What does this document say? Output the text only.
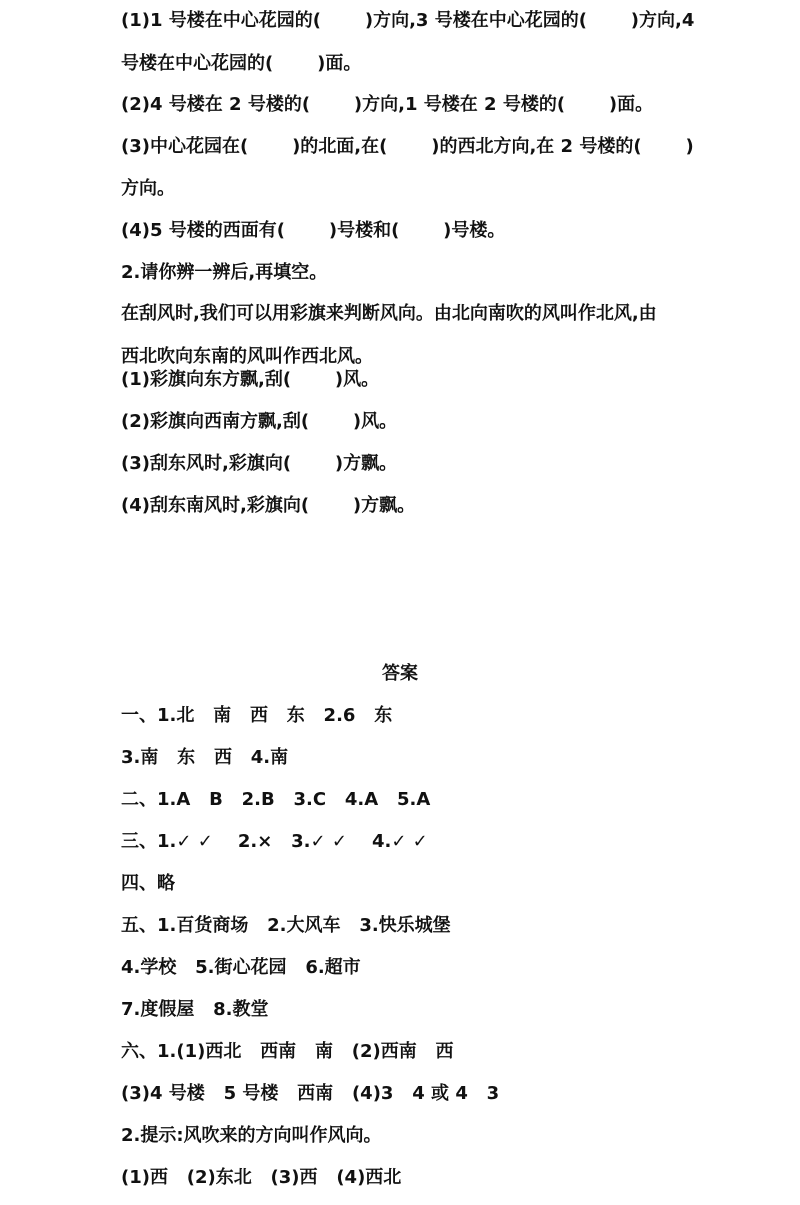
(1)1 号楼在中心花园的(       )方向,3 号楼在中心花园的(       )方向,4
号楼在中心花园的(       )面。
(2)4 号楼在 2 号楼的(       )方向,1 号楼在 2 号楼的(       )面。
(3)中心花园在(       )的北面,在(       )的西北方向,在 2 号楼的(       )
方向。
(4)5 号楼的西面有(       )号楼和(       )号楼。
2.请你辨一辨后,再填空。
在刮风时,我们可以用彩旗来判断风向。由北向南吹的风叫作北风,由
西北吹向东南的风叫作西北风。
(1)彩旗向东方飘,刮(       )风。
(2)彩旗向西南方飘,刮(       )风。
(3)刮东风时,彩旗向(       )方飘。
(4)刮东南风时,彩旗向(       )方飘。
答案
一、1.北   南   西   东   2.6   东
3.南   东   西   4.南
二、1.A   B   2.B   3.C   4.A   5.A
三、1.✓ ✓    2.×   3.✓ ✓    4.✓ ✓
四、略
五、1.百货商场   2.大风车   3.快乐城堡
4.学校   5.街心花园   6.超市
7.度假屋   8.教堂
六、1.(1)西北   西南   南   (2)西南   西
(3)4 号楼   5 号楼   西南   (4)3   4 或 4   3
2.提示:风吹来的方向叫作风向。
(1)西   (2)东北   (3)西   (4)西北
